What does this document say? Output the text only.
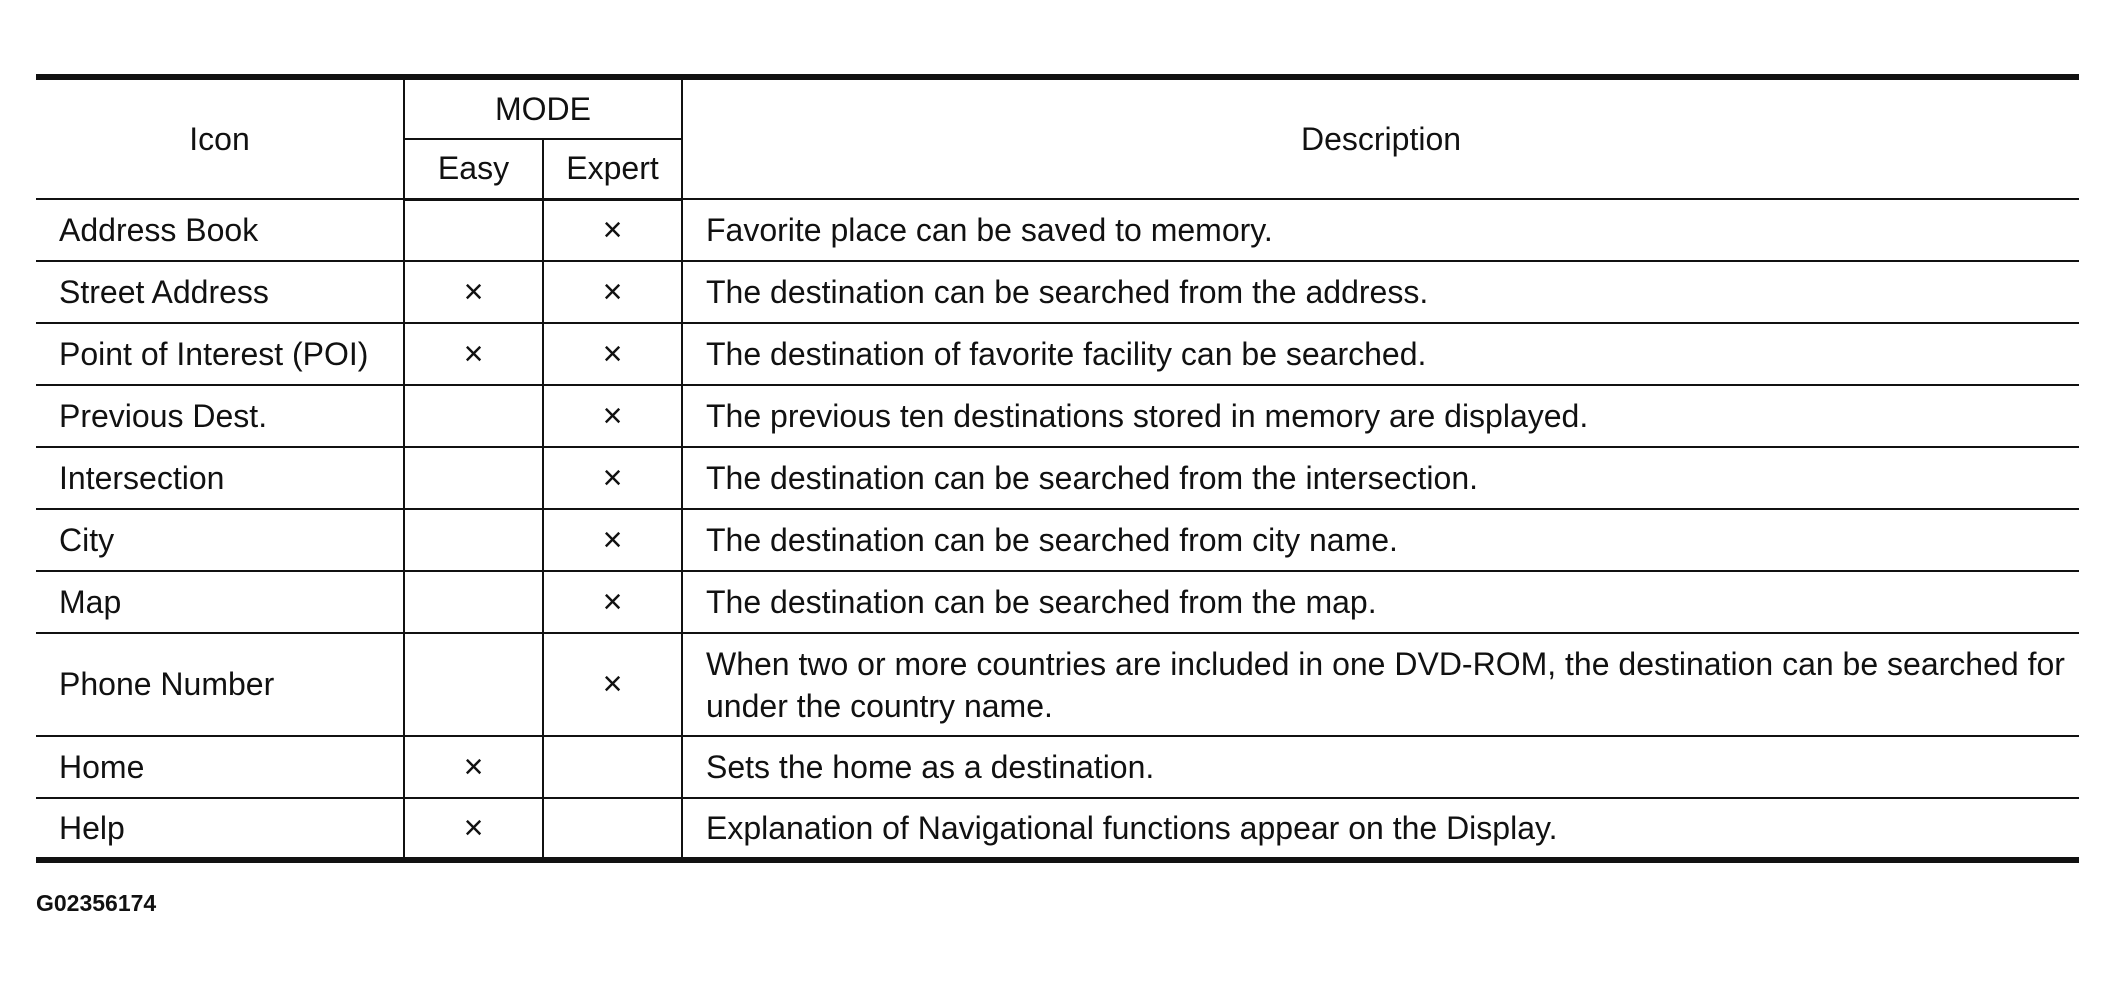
Icon	MODE		Description
	Easy	Expert	
Address Book		×	Favorite place can be saved to memory.
Street Address	×	×	The destination can be searched from the address.
Point of Interest (POI)	×	×	The destination of favorite facility can be searched.
Previous Dest.		×	The previous ten destinations stored in memory are displayed.
Intersection		×	The destination can be searched from the intersection.
City		×	The destination can be searched from city name.
Map		×	The destination can be searched from the map.
Phone Number		×	When two or more countries are included in one DVD-ROM, the destination can be searched for under the country name.
Home	×		Sets the home as a destination.
Help	×		Explanation of Navigational functions appear on the Display.
G02356174
